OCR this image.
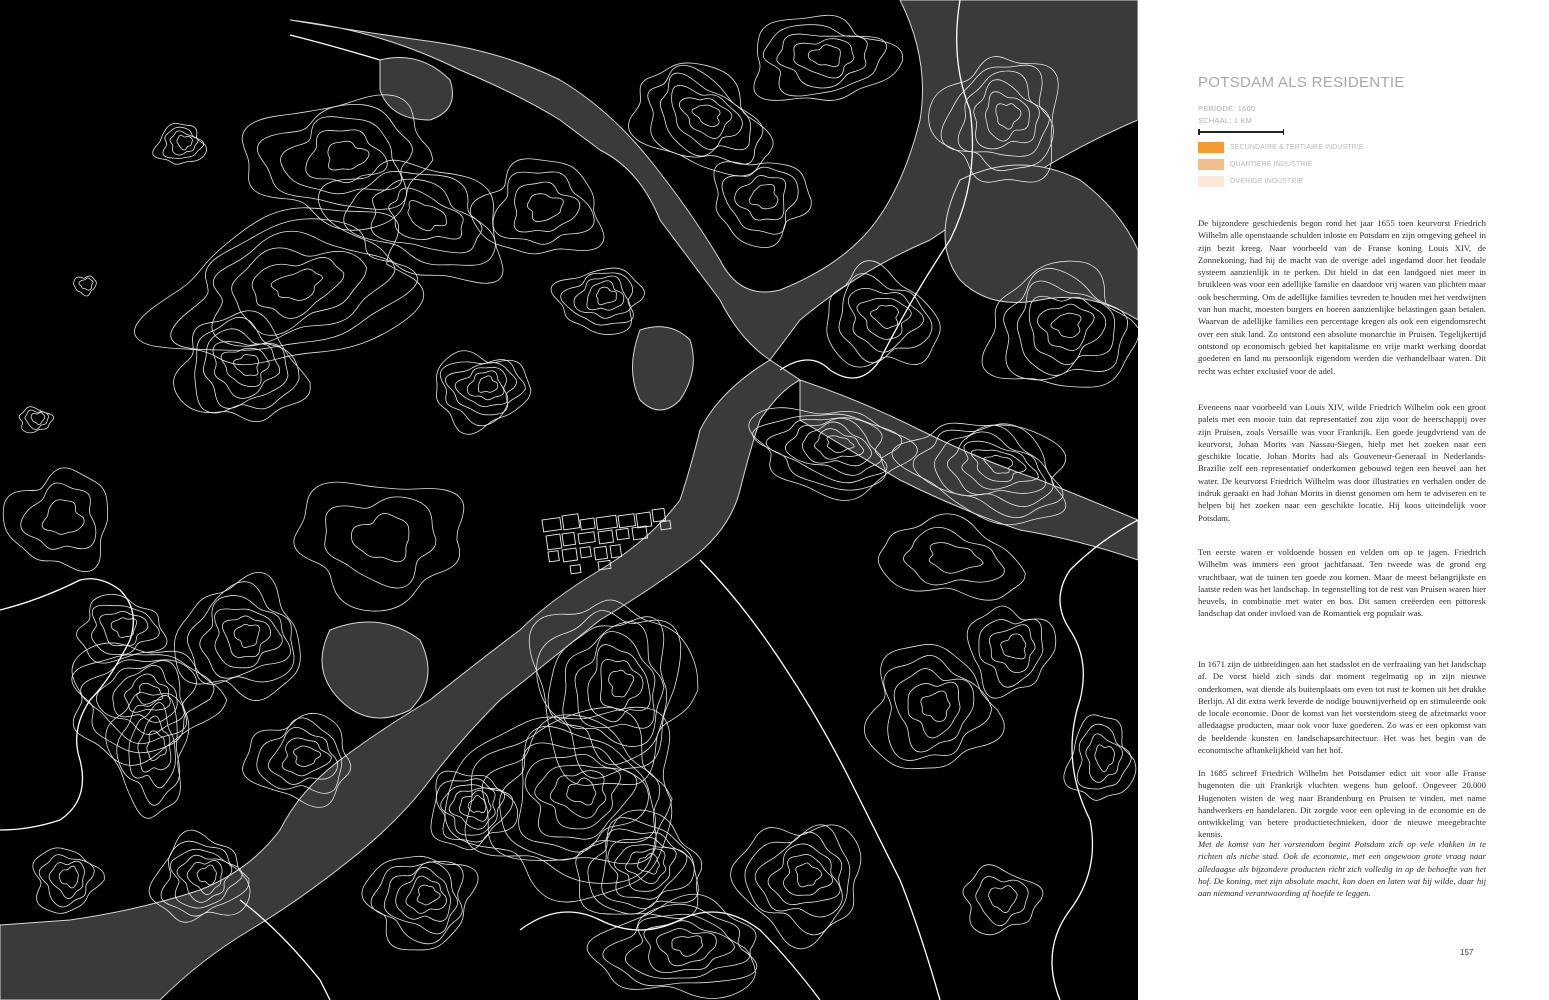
POTSDAM ALS RESIDENTIE
PERIODE: 1660
SCHAAL: 1 KM
SECUNDAIRE & TERTIAIRE INDUSTRIE
QUARTIERE INDUSTRIE
OVERIGE INDUSTRIE

De bijzondere geschiedenis begon rond het jaar 1655 toen keurvorst Friedrich Wilhelm alle openstaande schulden inloste en Potsdam en zijn omgeving geheel in zijn bezit kreeg. Naar voorbeeld van de Franse koning Louis XIV, de Zonnekoning, had hij de macht van de overige adel ingedamd door het feodale systeem aanzienlijk in te perken. Dit hield in dat een landgoed niet meer in bruikleen was voor een adellijke familie en daardoor vrij waren van plichten maar ook bescherming. Om de adellijke families tevreden te houden met het verdwijnen van hun macht, moesten burgers en boeren aanzienlijke belastingen gaan betalen. Waarvan de adellijke families een percentage kregen als ook een eigendomsrecht over een stuk land. Zo ontstond een absolute monarchie in Pruisen. Tegelijkertijd ontstond op economisch gebied het kapitalisme en vrije markt werking doordat goederen en land nu persoonlijk eigendom werden die verhandelbaar waren. Dit recht was echter exclusief voor de adel.

Eveneens naar voorbeeld van Louis XIV, wilde Friedrich Wilhelm ook een groot paleis met een mooie tuin dat representatief zou zijn voor de heerschappij over zijn Pruisen, zoals Versaille was voor Frankrijk. Een goede jeugdvriend van de keurvorst, Johan Morits van Nassau-Siegen, hielp met het zoeken naar een geschikte locatie. Johan Morits had als Gouveneur-Generaal in Nederlands-Brazilie zelf een representatief onderkomen gebouwd tegen een heuvel aan het water. De keurvorst Friedrich Wilhelm was door illustraties en verhalen onder de indruk geraakt en had Johan Morits in dienst genomen om hem te adviseren en te helpen bij het zoeken naar een geschikte locatie. Hij koos uiteindelijk voor Potsdam.

Ten eerste waren er voldoende bossen en velden om op te jagen. Friedrich Wilhelm was immers een groot jachtfanaat. Ten tweede was de grond erg vruchtbaar, wat de tuinen ten goede zou komen. Maar de meest belangrijkste en laatste reden was het landschap. In tegenstelling tot de rest van Pruisen waren hier heuvels, in combinatie met water en bos. Dit samen creëerden een pittoresk landschap dat onder invloed van de Romantiek erg populair was.

In 1671 zijn de uitbreidingen aan het stadsslot en de verfraaiing van het landschap af. De vorst hield zich sinds dat moment regelmatig op in zijn nieuwe onderkomen, wat diende als buitenplaats om even tot rust te komen uit het drukke Berlijn. Al dit extra werk leverde de nodige bouwnijverheid op en stimuleerde ook de locale economie. Door de komst van het vorstendom steeg de afzetmarkt voor alledaagse producten, maar ook voor luxe goederen. Zo was er een opkomst van de beeldende kunsten en landschapsarchitectuur. Het was het begin van de economische afhankelijkheid van het hof.

In 1685 schreef Friedrich Wilhelm het Potsdamer edict uit voor alle Franse hugenoten die uit Frankrijk vluchten wegens hun geloof. Ongeveer 20.000 Hugenoten wisten de weg naar Brandenburg en Pruisen te vinden, met name handwerkers en handelaren. Dit zorgde voor een opleving in de economie en de ontwikkeling van betere productietechnieken, door de nieuwe meegebrachte kennis.

Met de komst van het vorstendom begint Potsdam zich op vele vlakken in te richten als niche stad. Ook de economie, met een ongewoon grote vraag naar alledaagse als bijzondere producten richt zich volledig in op de behoefte van het hof. De koning, met zijn absolute macht, kon doen en laten wat hij wilde, daar hij aan niemand verantwoording af hoefde te leggen.

157
